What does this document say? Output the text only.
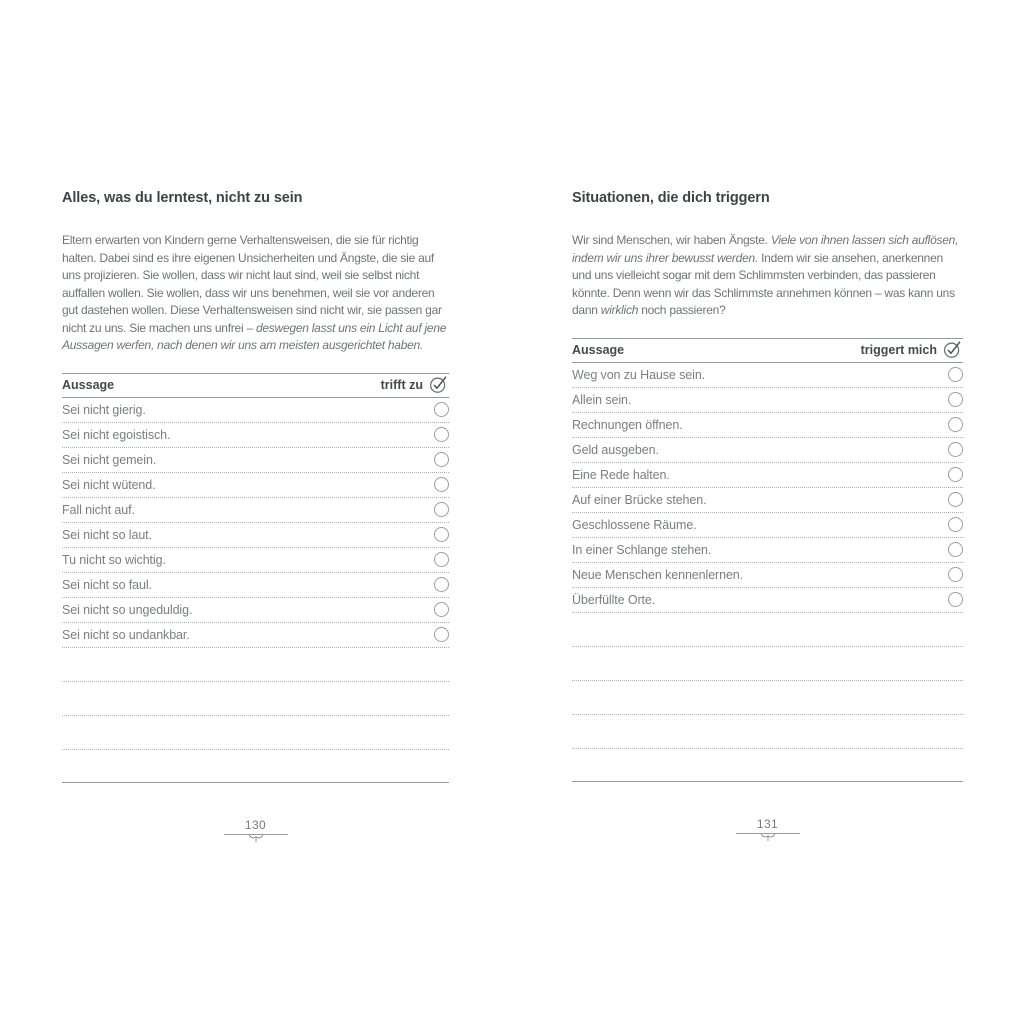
Alles, was du lerntest, nicht zu sein

Eltern erwarten von Kindern gerne Verhaltensweisen, die sie für richtig halten. Dabei sind es ihre eigenen Unsicherheiten und Ängste, die sie auf uns projizieren. Sie wollen, dass wir nicht laut sind, weil sie selbst nicht auffallen wollen. Sie wollen, dass wir uns benehmen, weil sie vor anderen gut dastehen wollen. Diese Verhaltensweisen sind nicht wir, sie passen gar nicht zu uns. Sie machen uns unfrei – deswegen lasst uns ein Licht auf jene Aussagen werfen, nach denen wir uns am meisten ausgerichtet haben.

Aussage	trifft zu
Sei nicht gierig.
Sei nicht egoistisch.
Sei nicht gemein.
Sei nicht wütend.
Fall nicht auf.
Sei nicht so laut.
Tu nicht so wichtig.
Sei nicht so faul.
Sei nicht so ungeduldig.
Sei nicht so undankbar.
130
Situationen, die dich triggern

Wir sind Menschen, wir haben Ängste. Viele von ihnen lassen sich auflösen, indem wir uns ihrer bewusst werden. Indem wir sie ansehen, anerkennen und uns vielleicht sogar mit dem Schlimmsten verbinden, das passieren könnte. Denn wenn wir das Schlimmste annehmen können – was kann uns dann wirklich noch passieren?

Aussage	triggert mich
Weg von zu Hause sein.
Allein sein.
Rechnungen öffnen.
Geld ausgeben.
Eine Rede halten.
Auf einer Brücke stehen.
Geschlossene Räume.
In einer Schlange stehen.
Neue Menschen kennenlernen.
Überfüllte Orte.
131
